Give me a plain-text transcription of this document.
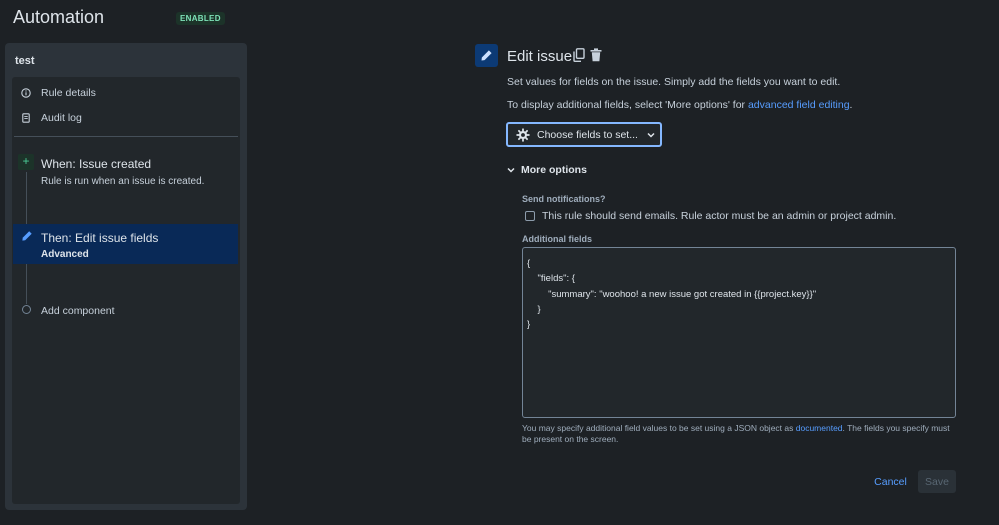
Automation	ENABLED
test
Rule details
Audit log
+ When: Issue created
Rule is run when an issue is created.
Then: Edit issue fields
Advanced
Add component
Edit issue
Set values for fields on the issue. Simply add the fields you want to edit.
To display additional fields, select 'More options' for advanced field editing.
Choose fields to set...
More options
Send notifications?
This rule should send emails. Rule actor must be an admin or project admin.
Additional fields
{
"fields": {
"summary": "woohoo! a new issue got created in {{project.key}}"
}
}
You may specify additional field values to be set using a JSON object as documented. The fields you specify must be present on the screen.
Cancel	Save
